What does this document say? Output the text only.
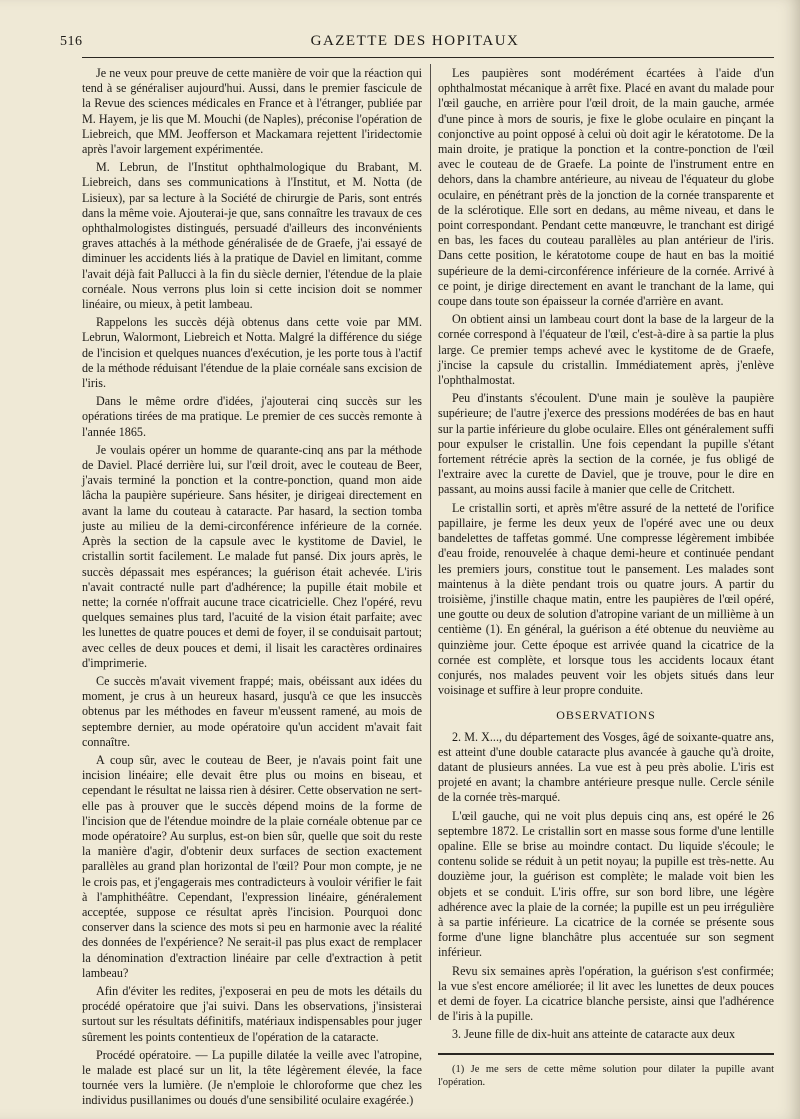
516	GAZETTE DES HOPITAUX

Je ne veux pour preuve de cette manière de voir que la réaction qui tend à se généraliser aujourd'hui. Aussi, dans le premier fascicule de la Revue des sciences médicales en France et à l'étranger, publiée par M. Hayem, je lis que M. Mouchi (de Naples), préconise l'opération de Liebreich, que MM. Jeofferson et Mackamara rejettent l'iridectomie après l'avoir largement expérimentée.

M. Lebrun, de l'Institut ophthalmologique du Brabant, M. Liebreich, dans ses communications à l'Institut, et M. Notta (de Lisieux), par sa lecture à la Société de chirurgie de Paris, sont entrés dans la même voie. Ajouterai-je que, sans connaître les travaux de ces ophthalmologistes distingués, persuadé d'ailleurs des inconvénients graves attachés à la méthode généralisée de de Graefe, j'ai essayé de diminuer les accidents liés à la pratique de Daviel en limitant, comme l'avait déjà fait Pallucci à la fin du siècle dernier, l'étendue de la plaie cornéale. Nous verrons plus loin si cette incision doit se nommer linéaire, ou mieux, à petit lambeau.

Rappelons les succès déjà obtenus dans cette voie par MM. Lebrun, Walormont, Liebreich et Notta. Malgré la différence du siége de l'incision et quelques nuances d'exécution, je les porte tous à l'actif de la méthode réduisant l'étendue de la plaie cornéale sans excision de l'iris.

Dans le même ordre d'idées, j'ajouterai cinq succès sur les opérations tirées de ma pratique. Le premier de ces succès remonte à l'année 1865.

Je voulais opérer un homme de quarante-cinq ans par la méthode de Daviel. Placé derrière lui, sur l'œil droit, avec le couteau de Beer, j'avais terminé la ponction et la contre-ponction, quand mon aide lâcha la paupière supérieure. Sans hésiter, je dirigeai directement en avant la lame du couteau à cataracte. Par hasard, la section tomba juste au milieu de la demi-circonférence inférieure de la cornée. Après la section de la capsule avec le kystitome de Daviel, le cristallin sortit facilement. Le malade fut pansé. Dix jours après, le succès dépassait mes espérances; la guérison était achevée. L'iris n'avait contracté nulle part d'adhérence; la pupille était mobile et nette; la cornée n'offrait aucune trace cicatricielle. Chez l'opéré, revu quelques semaines plus tard, l'acuité de la vision était parfaite; avec les lunettes de quatre pouces et demi de foyer, il se conduisait partout; avec celles de deux pouces et demi, il lisait les caractères ordinaires d'imprimerie.

Ce succès m'avait vivement frappé; mais, obéissant aux idées du moment, je crus à un heureux hasard, jusqu'à ce que les insuccès obtenus par les méthodes en faveur m'eussent ramené, au mois de septembre dernier, au mode opératoire qu'un accident m'avait fait connaître.

A coup sûr, avec le couteau de Beer, je n'avais point fait une incision linéaire; elle devait être plus ou moins en biseau, et cependant le résultat ne laissa rien à désirer. Cette observation ne sert-elle pas à prouver que le succès dépend moins de la forme de l'incision que de l'étendue moindre de la plaie cornéale obtenue par ce mode opératoire? Au surplus, est-on bien sûr, quelle que soit du reste la manière d'agir, d'obtenir deux surfaces de section exactement parallèles au grand plan horizontal de l'œil? Pour mon compte, je ne le crois pas, et j'engagerais mes contradicteurs à vouloir vérifier le fait à l'amphithéâtre. Cependant, l'expression linéaire, généralement acceptée, suppose ce résultat après l'incision. Pourquoi donc conserver dans la science des mots si peu en harmonie avec la réalité des données de l'expérience? Ne serait-il pas plus exact de remplacer la dénomination d'extraction linéaire par celle d'extraction à petit lambeau?

Afin d'éviter les redites, j'exposerai en peu de mots les détails du procédé opératoire que j'ai suivi. Dans les observations, j'insisterai surtout sur les résultats définitifs, matériaux indispensables pour juger sûrement les points contentieux de l'opération de la cataracte.

Procédé opératoire. — La pupille dilatée la veille avec l'atropine, le malade est placé sur un lit, la tête légèrement élevée, la face tournée vers la lumière. (Je n'emploie le chloroforme que chez les individus pusillanimes ou doués d'une sensibilité oculaire exagérée.)

Les paupières sont modérément écartées à l'aide d'un ophthalmostat mécanique à arrêt fixe. Placé en avant du malade pour l'œil gauche, en arrière pour l'œil droit, de la main gauche, armée d'une pince à mors de souris, je fixe le globe oculaire en pinçant la conjonctive au point opposé à celui où doit agir le kératotome. De la main droite, je pratique la ponction et la contre-ponction de l'œil avec le couteau de de Graefe. La pointe de l'instrument entre en dehors, dans la chambre antérieure, au niveau de l'équateur du globe oculaire, en pénétrant près de la jonction de la cornée transparente et de la sclérotique. Elle sort en dedans, au même niveau, et dans le point correspondant. Pendant cette manœuvre, le tranchant est dirigé en bas, les faces du couteau parallèles au plan antérieur de l'iris. Dans cette position, le kératotome coupe de haut en bas la moitié supérieure de la demi-circonférence inférieure de la cornée. Arrivé à ce point, je dirige directement en avant le tranchant de la lame, qui coupe dans toute son épaisseur la cornée d'arrière en avant.

On obtient ainsi un lambeau court dont la base de la largeur de la cornée correspond à l'équateur de l'œil, c'est-à-dire à sa partie la plus large. Ce premier temps achevé avec le kystitome de de Graefe, j'incise la capsule du cristallin. Immédiatement après, j'enlève l'ophthalmostat.

Peu d'instants s'écoulent. D'une main je soulève la paupière supérieure; de l'autre j'exerce des pressions modérées de bas en haut sur la partie inférieure du globe oculaire. Elles ont généralement suffi pour expulser le cristallin. Une fois cependant la pupille s'étant fortement rétrécie après la section de la cornée, je fus obligé de l'extraire avec la curette de Daviel, que je trouve, pour le dire en passant, au moins aussi facile à manier que celle de Critchett.

Le cristallin sorti, et après m'être assuré de la netteté de l'orifice papillaire, je ferme les deux yeux de l'opéré avec une ou deux bandelettes de taffetas gommé. Une compresse légèrement imbibée d'eau froide, renouvelée à chaque demi-heure et continuée pendant les premiers jours, constitue tout le pansement. Les malades sont maintenus à la diète pendant trois ou quatre jours. A partir du troisième, j'instille chaque matin, entre les paupières de l'œil opéré, une goutte ou deux de solution d'atropine variant de un millième à un centième (1). En général, la guérison a été obtenue du neuvième au quinzième jour. Cette époque est arrivée quand la cicatrice de la cornée est complète, et lorsque tous les accidents locaux étant conjurés, nos malades peuvent voir les objets situés dans leur voisinage et suffire à leur propre conduite.

OBSERVATIONS

2. M. X..., du département des Vosges, âgé de soixante-quatre ans, est atteint d'une double cataracte plus avancée à gauche qu'à droite, datant de plusieurs années. La vue est à peu près abolie. L'iris est projeté en avant; la chambre antérieure presque nulle. Cercle sénile de la cornée très-marqué.

L'œil gauche, qui ne voit plus depuis cinq ans, est opéré le 26 septembre 1872. Le cristallin sort en masse sous forme d'une lentille opaline. Elle se brise au moindre contact. Du liquide s'écoule; le contenu solide se réduit à un petit noyau; la pupille est très-nette. Au douzième jour, la guérison est complète; le malade voit bien les objets et se conduit. L'iris offre, sur son bord libre, une légère adhérence avec la plaie de la cornée; la pupille est un peu irrégulière à sa partie inférieure. La cicatrice de la cornée se présente sous forme d'une ligne blanchâtre plus accentuée sur son segment inférieur.

Revu six semaines après l'opération, la guérison s'est confirmée; la vue s'est encore améliorée; il lit avec les lunettes de deux pouces et demi de foyer. La cicatrice blanche persiste, ainsi que l'adhérence de l'iris à la pupille.

3. Jeune fille de dix-huit ans atteinte de cataracte aux deux

(1) Je me sers de cette même solution pour dilater la pupille avant l'opération.
